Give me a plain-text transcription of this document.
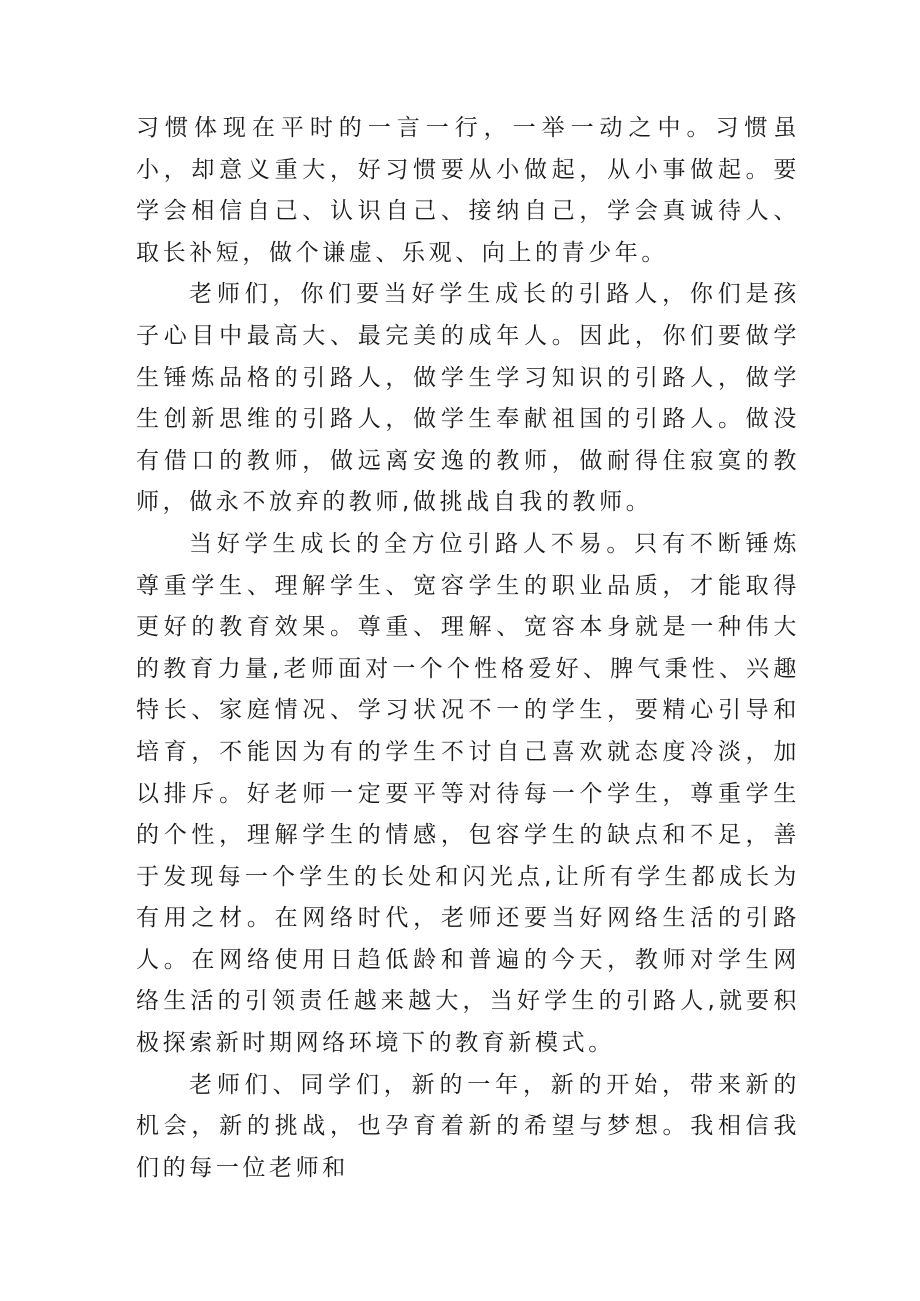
习惯体现在平时的一言一行，一举一动之中。习惯虽小，却意义重大，好习惯要从小做起，从小事做起。要学会相信自己、认识自己、接纳自己，学会真诚待人、取长补短，做个谦虚、乐观、向上的青少年。

老师们，你们要当好学生成长的引路人，你们是孩子心目中最高大、最完美的成年人。因此，你们要做学生锤炼品格的引路人，做学生学习知识的引路人，做学生创新思维的引路人，做学生奉献祖国的引路人。做没有借口的教师，做远离安逸的教师，做耐得住寂寞的教师，做永不放弃的教师,做挑战自我的教师。

当好学生成长的全方位引路人不易。只有不断锤炼尊重学生、理解学生、宽容学生的职业品质，才能取得更好的教育效果。尊重、理解、宽容本身就是一种伟大的教育力量,老师面对一个个性格爱好、脾气秉性、兴趣特长、家庭情况、学习状况不一的学生，要精心引导和培育，不能因为有的学生不讨自己喜欢就态度冷淡，加以排斥。好老师一定要平等对待每一个学生，尊重学生的个性，理解学生的情感，包容学生的缺点和不足，善于发现每一个学生的长处和闪光点,让所有学生都成长为有用之材。在网络时代，老师还要当好网络生活的引路人。在网络使用日趋低龄和普遍的今天，教师对学生网络生活的引领责任越来越大，当好学生的引路人,就要积极探索新时期网络环境下的教育新模式。

老师们、同学们，新的一年，新的开始，带来新的机会，新的挑战，也孕育着新的希望与梦想。我相信我们的每一位老师和
